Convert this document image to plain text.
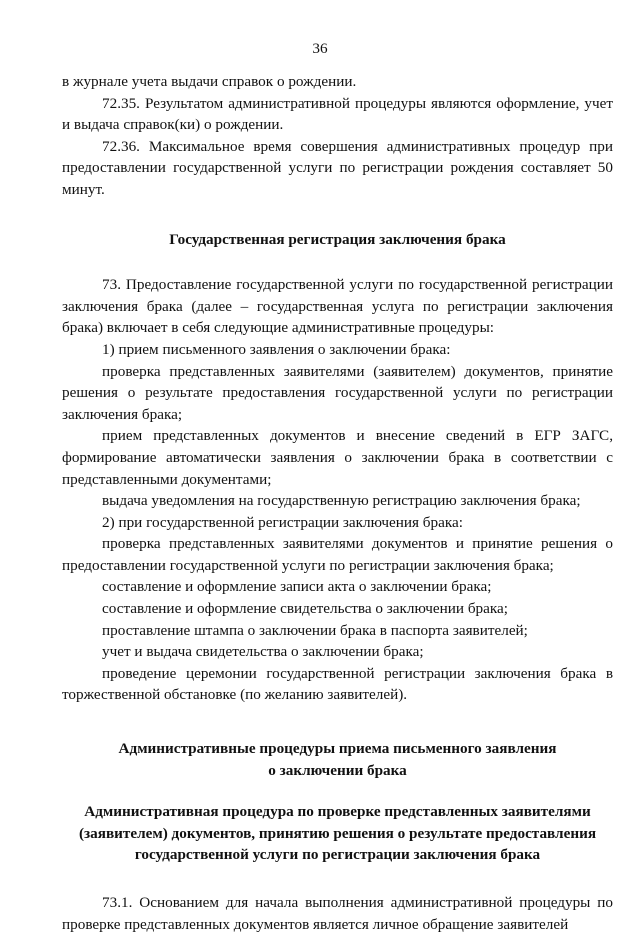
36

в журнале учета выдачи справок о рождении.

72.35. Результатом административной процедуры являются оформление, учет и выдача справок(ки) о рождении.

72.36. Максимальное время совершения административных процедур при предоставлении государственной услуги по регистрации рождения составляет 50 минут.

Государственная регистрация заключения брака

73. Предоставление государственной услуги по государственной регистрации заключения брака (далее – государственная услуга по регистрации заключения брака) включает в себя следующие административные процедуры:

1) прием письменного заявления о заключении брака:

проверка представленных заявителями (заявителем) документов, принятие решения о результате предоставления государственной услуги по регистрации заключения брака;

прием представленных документов и внесение сведений в ЕГР ЗАГС, формирование автоматически заявления о заключении брака в соответствии с представленными документами;

выдача уведомления на государственную регистрацию заключения брака;

2) при государственной регистрации заключения брака:

проверка представленных заявителями документов и принятие решения о предоставлении государственной услуги по регистрации заключения брака;

составление и оформление записи акта о заключении брака;

составление и оформление свидетельства о заключении брака;

проставление штампа о заключении брака в паспорта заявителей;

учет и выдача свидетельства о заключении брака;

проведение церемонии государственной регистрации заключения брака в торжественной обстановке (по желанию заявителей).

Административные процедуры приема письменного заявления
о заключении брака
Административная процедура по проверке представленных заявителями
(заявителем) документов, принятию решения о результате предоставления
государственной услуги по регистрации заключения брака

73.1. Основанием для начала выполнения административной процедуры по проверке представленных документов является личное обращение заявителей
